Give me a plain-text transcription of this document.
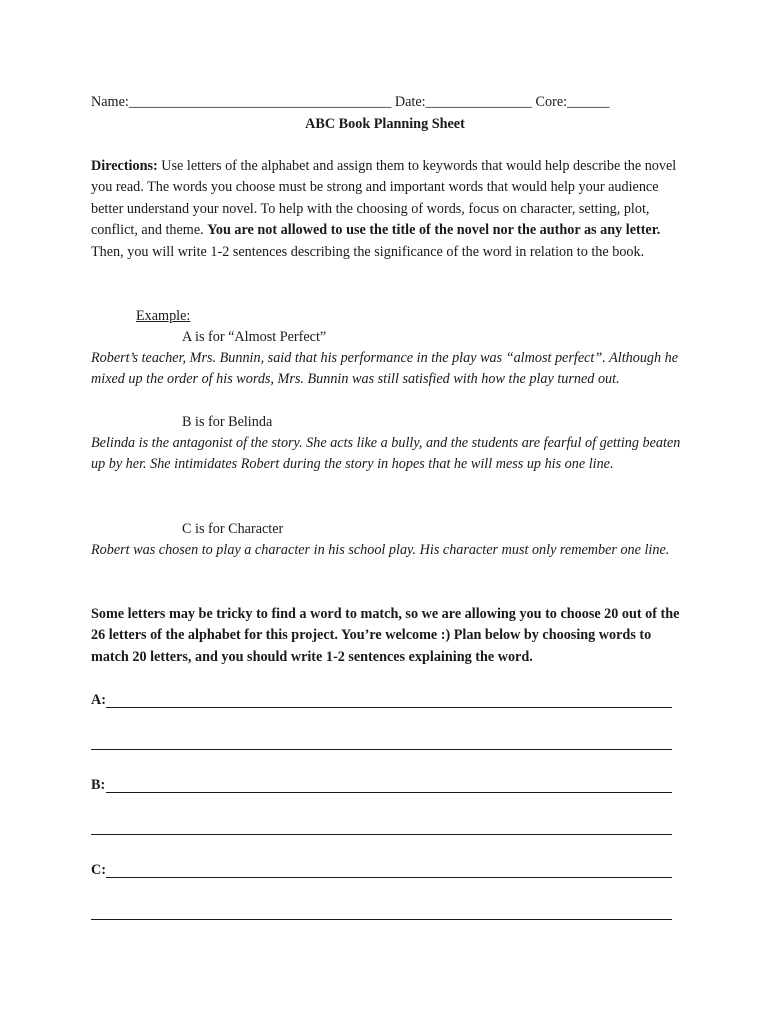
Name:_____________________________________ Date:_______________ Core:______
ABC Book Planning Sheet

Directions: Use letters of the alphabet and assign them to keywords that would help describe the novel you read. The words you choose must be strong and important words that would help your audience better understand your novel. To help with the choosing of words, focus on character, setting, plot, conflict, and theme. You are not allowed to use the title of the novel nor the author as any letter. Then, you will write 1-2 sentences describing the significance of the word in relation to the book.

Example:
A is for “Almost Perfect”

Robert’s teacher, Mrs. Bunnin, said that his performance in the play was “almost perfect”. Although he mixed up the order of his words, Mrs. Bunnin was still satisfied with how the play turned out.

B is for Belinda

Belinda is the antagonist of the story. She acts like a bully, and the students are fearful of getting beaten up by her. She intimidates Robert during the story in hopes that he will mess up his one line.

C is for Character

Robert was chosen to play a character in his school play. His character must only remember one line.

Some letters may be tricky to find a word to match, so we are allowing you to choose 20 out of the 26 letters of the alphabet for this project. You’re welcome :) Plan below by choosing words to match 20 letters, and you should write 1-2 sentences explaining the word.

A:
B:
C:
